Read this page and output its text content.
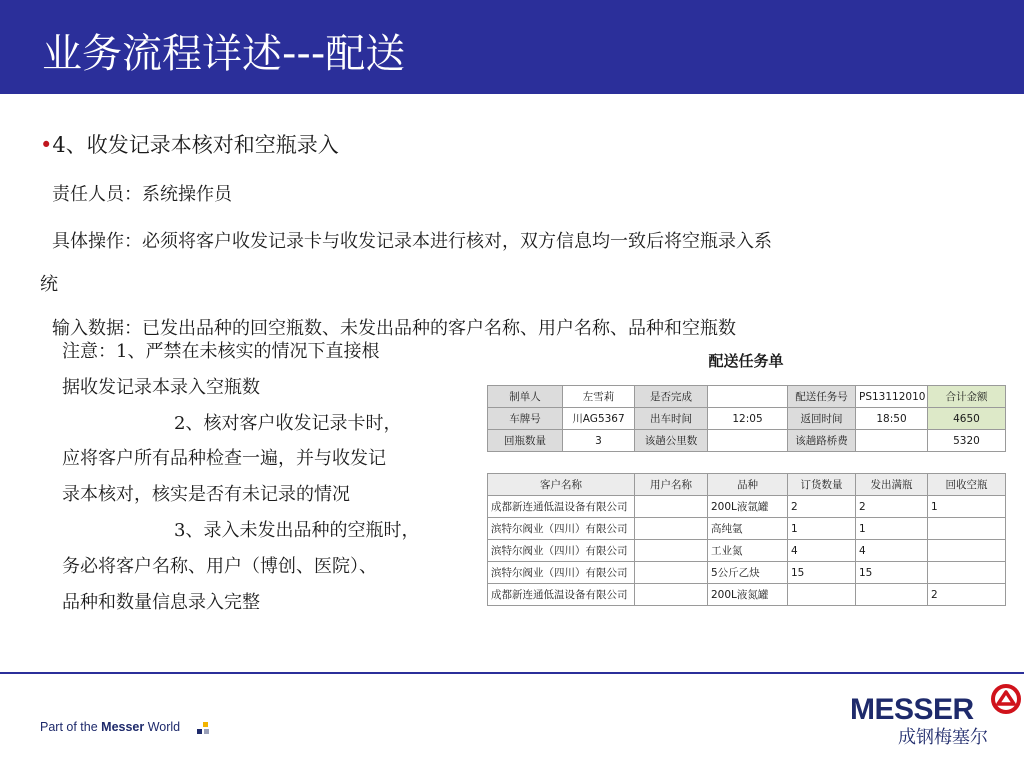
业务流程详述---配送
•4、收发记录本核对和空瓶录入
责任人员：系统操作员
具体操作：必须将客户收发记录卡与收发记录本进行核对，双方信息均一致后将空瓶录入系
统
输入数据：已发出品种的回空瓶数、未发出品种的客户名称、用户名称、品种和空瓶数
注意：1、严禁在未核实的情况下直接根
据收发记录本录入空瓶数
2、核对客户收发记录卡时，
应将客户所有品种检查一遍，并与收发记
录本核对，核实是否有未记录的情况
3、录入未发出品种的空瓶时，
务必将客户名称、用户（博创、医院）、
品种和数量信息录入完整
配送任务单
制单人	左雪莉	是否完成		配送任务号	PS13112010	合计金额
车牌号	川AG5367	出车时间	12:05	返回时间	18:50	4650
回瓶数量	3	该趟公里数		该趟路桥费		5320

客户名称		用户名称	品种	订货数量	发出满瓶	回收空瓶
成都新连通低温设备有限公司			200L液氩罐	2	2	1
滨特尔阀业（四川）有限公司			高纯氩	1	1	
滨特尔阀业（四川）有限公司			工业氮	4	4	
滨特尔阀业（四川）有限公司			5公斤乙炔	15	15	
成都新连通低温设备有限公司			200L液氮罐			2
Part of the Messer World
MESSER
成钢梅塞尔
